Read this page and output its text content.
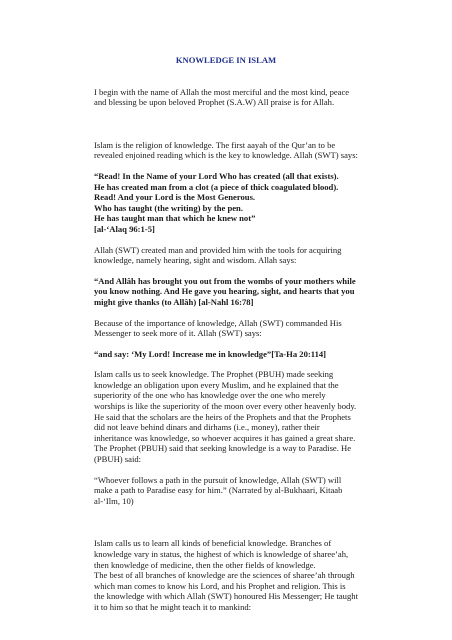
KNOWLEDGE IN ISLAM

I begin with the name of Allah the most merciful and the most kind, peace and blessing be upon beloved Prophet (S.A.W) All praise is for Allah.

Islam is the religion of knowledge. The first aayah of the Qur’an to be revealed enjoined reading which is the key to knowledge. Allah (SWT) says:

“Read! In the Name of your Lord Who has created (all that exists).

He has created man from a clot (a piece of thick coagulated blood).

Read! And your Lord is the Most Generous.

Who has taught (the writing) by the pen.

He has taught man that which he knew not”

[al-‘Alaq 96:1-5]

Allah (SWT) created man and provided him with the tools for acquiring knowledge, namely hearing, sight and wisdom. Allah says:

“And Allâh has brought you out from the wombs of your mothers while you know nothing. And He gave you hearing, sight, and hearts that you might give thanks (to Allâh) [al-Nahl 16:78]

Because of the importance of knowledge, Allah (SWT) commanded His Messenger to seek more of it. Allah (SWT) says:

“and say: ‘My Lord! Increase me in knowledge”[Ta-Ha 20:114]

Islam calls us to seek knowledge. The Prophet (PBUH) made seeking knowledge an obligation upon every Muslim, and he explained that the superiority of the one who has knowledge over the one who merely worships is like the superiority of the moon over every other heavenly body. He said that the scholars are the heirs of the Prophets and that the Prophets did not leave behind dinars and dirhams (i.e., money), rather their inheritance was knowledge, so whoever acquires it has gained a great share. The Prophet (PBUH) said that seeking knowledge is a way to Paradise. He (PBUH) said:

“Whoever follows a path in the pursuit of knowledge, Allah (SWT) will make a path to Paradise easy for him.” (Narrated by al-Bukhaari, Kitaab al-‘Ilm, 10)

Islam calls us to learn all kinds of beneficial knowledge. Branches of knowledge vary in status, the highest of which is knowledge of sharee’ah, then knowledge of medicine, then the other fields of knowledge.

The best of all branches of knowledge are the sciences of sharee’ah through which man comes to know his Lord, and his Prophet and religion. This is the knowledge with which Allah (SWT) honoured His Messenger; He taught it to him so that he might teach it to mankind:
